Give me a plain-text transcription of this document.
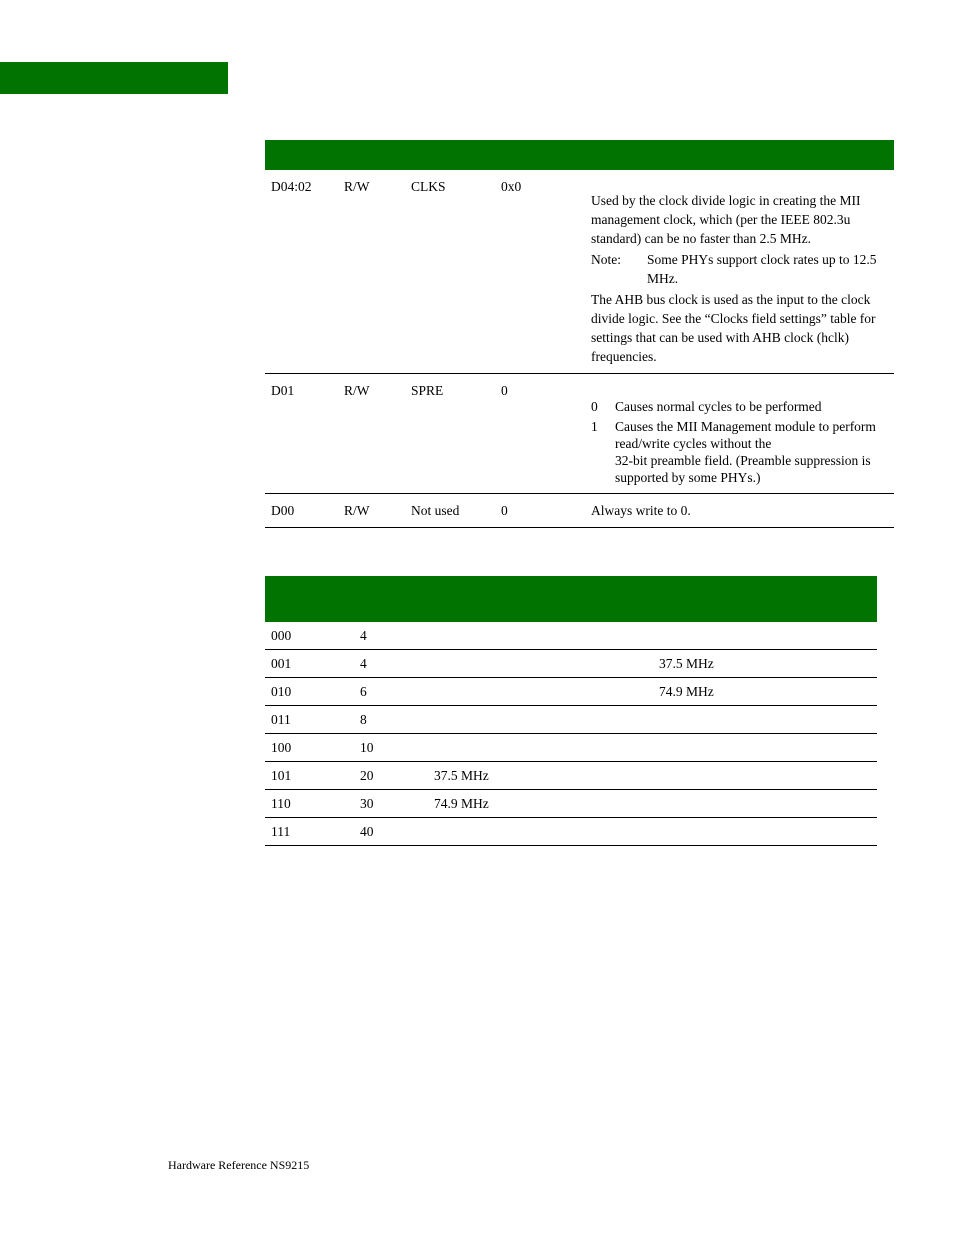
D04:02	R/W	CLKS	0x0	Used by the clock divide logic in creating the MII management clock, which (per the IEEE 802.3u standard) can be no faster than 2.5 MHz.

Note: Some PHYs support clock rates up to 12.5 MHz.

The AHB bus clock is used as the input to the clock divide logic. See the “Clocks field settings” table for settings that can be used with AHB clock (hclk) frequencies.

D01	R/W	SPRE	0	0 Causes normal cycles to be performed
1 Causes the MII Management module to perform read/write cycles without the
32-bit preamble field. (Preamble suppression is supported by some PHYs.)

D00	R/W	Not used	0	Always write to 0.

000	4		
001	4		37.5 MHz
010	6		74.9 MHz
011	8		
100	10		
101	20	37.5 MHz	
110	30	74.9 MHz	
111	40		
Hardware Reference NS9215
